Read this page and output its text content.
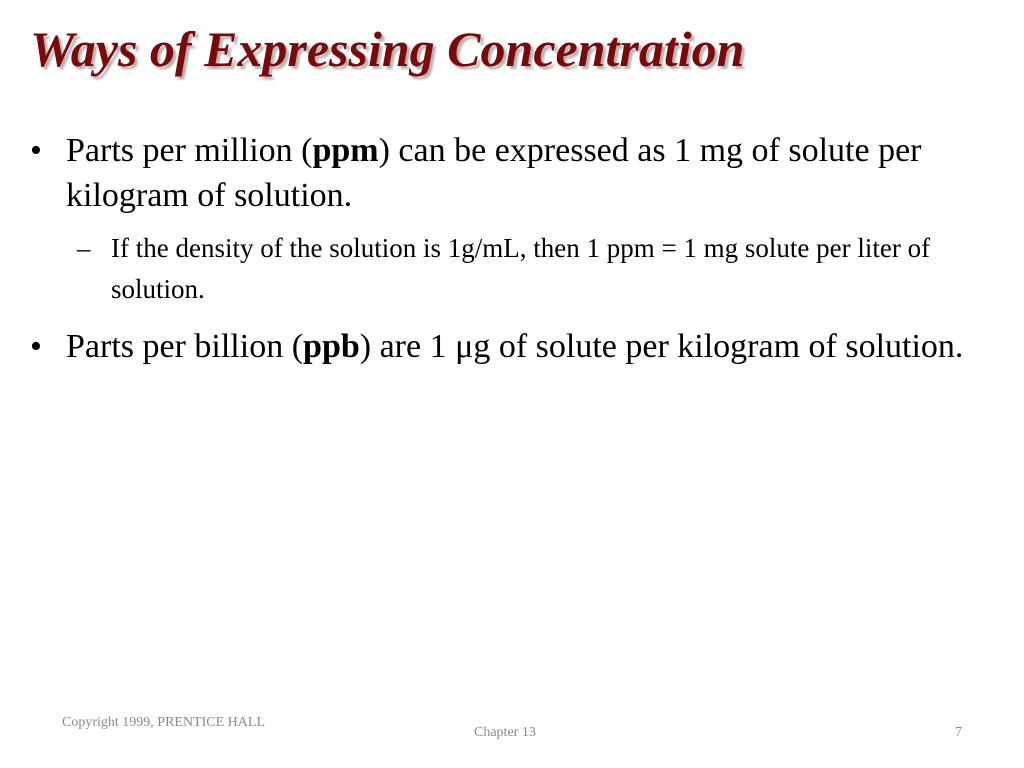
Ways of Expressing Concentration
• Parts per million (ppm) can be expressed as 1 mg of solute per kilogram of solution.
– If the density of the solution is 1g/mL, then 1 ppm = 1 mg solute per liter of solution.
• Parts per billion (ppb) are 1 μg of solute per kilogram of solution.
Copyright 1999, PRENTICE HALL
Chapter 13	7
